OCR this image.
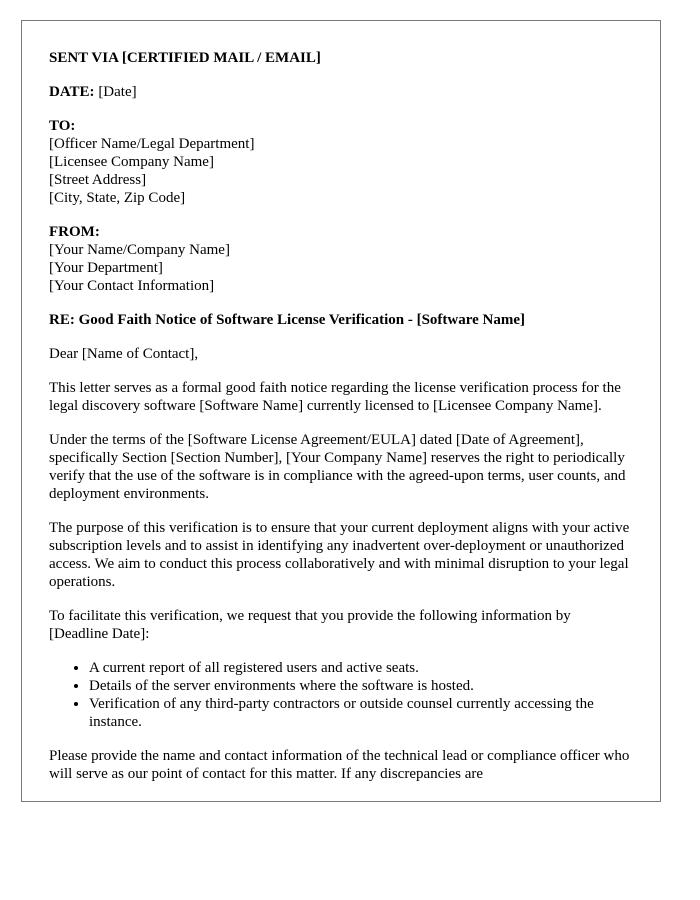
SENT VIA [CERTIFIED MAIL / EMAIL]

DATE: [Date]

TO:
[Officer Name/Legal Department]
[Licensee Company Name]
[Street Address]
[City, State, Zip Code]

FROM:
[Your Name/Company Name]
[Your Department]
[Your Contact Information]

RE: Good Faith Notice of Software License Verification - [Software Name]

Dear [Name of Contact],

This letter serves as a formal good faith notice regarding the license verification process for the legal discovery software [Software Name] currently licensed to [Licensee Company Name].

Under the terms of the [Software License Agreement/EULA] dated [Date of Agreement], specifically Section [Section Number], [Your Company Name] reserves the right to periodically verify that the use of the software is in compliance with the agreed-upon terms, user counts, and deployment environments.

The purpose of this verification is to ensure that your current deployment aligns with your active subscription levels and to assist in identifying any inadvertent over-deployment or unauthorized access. We aim to conduct this process collaboratively and with minimal disruption to your legal operations.

To facilitate this verification, we request that you provide the following information by [Deadline Date]:

• A current report of all registered users and active seats.
• Details of the server environments where the software is hosted.
• Verification of any third-party contractors or outside counsel currently accessing the instance.

Please provide the name and contact information of the technical lead or compliance officer who will serve as our point of contact for this matter. If any discrepancies are
